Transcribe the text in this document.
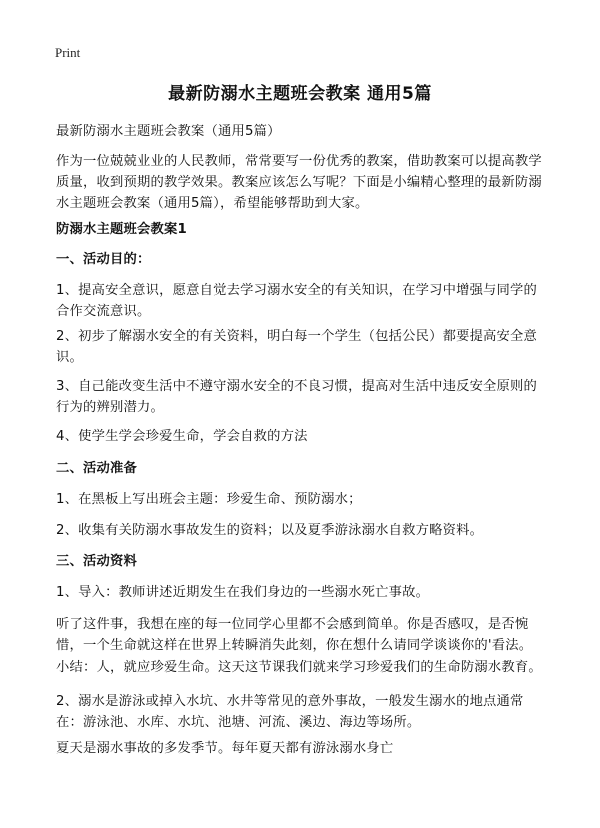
Print
最新防溺水主题班会教案 通用5篇
最新防溺水主题班会教案（通用5篇）
作为一位兢兢业业的人民教师，常常要写一份优秀的教案，借助教案可以提高教学质量，收到预期的教学效果。教案应该怎么写呢？下面是小编精心整理的最新防溺水主题班会教案（通用5篇），希望能够帮助到大家。
防溺水主题班会教案1
一、活动目的：
1、提高安全意识，愿意自觉去学习溺水安全的有关知识，在学习中增强与同学的合作交流意识。
2、初步了解溺水安全的有关资料，明白每一个学生（包括公民）都要提高安全意识。
3、自己能改变生活中不遵守溺水安全的不良习惯，提高对生活中违反安全原则的行为的辨别潜力。
4、使学生学会珍爱生命，学会自救的方法
二、活动准备
1、在黑板上写出班会主题：珍爱生命、预防溺水；
2、收集有关防溺水事故发生的资料；以及夏季游泳溺水自救方略资料。
三、活动资料
1、导入：教师讲述近期发生在我们身边的一些溺水死亡事故。
听了这件事，我想在座的每一位同学心里都不会感到简单。你是否感叹，是否惋惜，一个生命就这样在世界上转瞬消失此刻，你在想什么请同学谈谈你的'看法。
小结：人，就应珍爱生命。这天这节课我们就来学习珍爱我们的生命防溺水教育。
2、溺水是游泳或掉入水坑、水井等常见的意外事故，一般发生溺水的地点通常在：游泳池、水库、水坑、池塘、河流、溪边、海边等场所。
夏天是溺水事故的多发季节。每年夏天都有游泳溺水身亡
